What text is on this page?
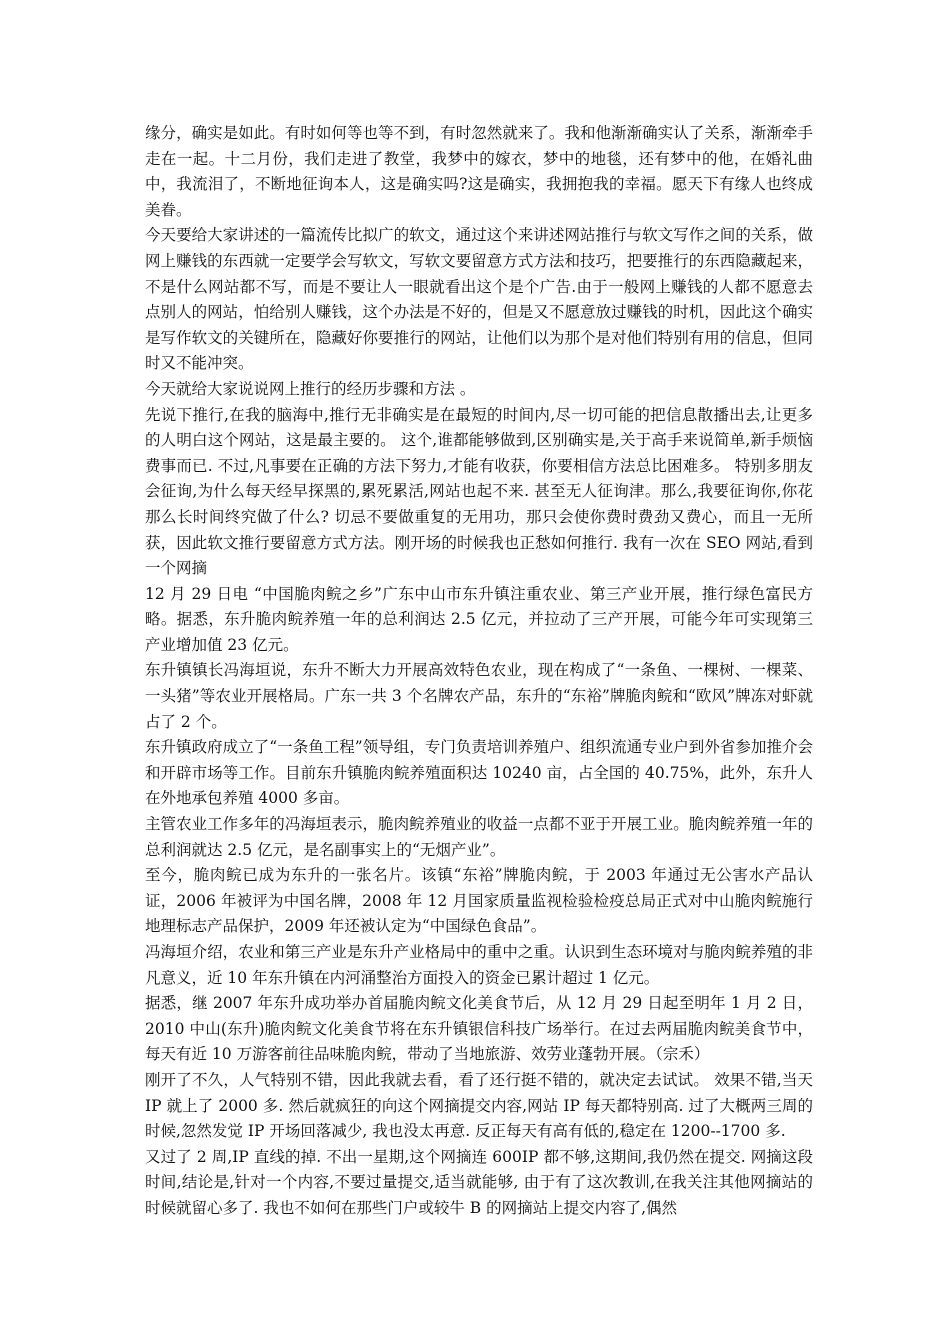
缘分，确实是如此。有时如何等也等不到，有时忽然就来了。我和他渐渐确实认了关系，渐渐牵手走在一起。十二月份，我们走进了教堂，我梦中的嫁衣，梦中的地毯，还有梦中的他，在婚礼曲中，我流泪了，不断地征询本人，这是确实吗?这是确实，我拥抱我的幸福。愿天下有缘人也终成美眷。

今天要给大家讲述的一篇流传比拟广的软文，通过这个来讲述网站推行与软文写作之间的关系，做网上赚钱的东西就一定要学会写软文，写软文要留意方式方法和技巧，把要推行的东西隐藏起来，不是什么网站都不写，而是不要让人一眼就看出这个是个广告.由于一般网上赚钱的人都不愿意去点别人的网站，怕给别人赚钱，这个办法是不好的，但是又不愿意放过赚钱的时机，因此这个确实是写作软文的关键所在，隐藏好你要推行的网站，让他们以为那个是对他们特别有用的信息，但同时又不能冲突。

今天就给大家说说网上推行的经历步骤和方法 。

先说下推行,在我的脑海中,推行无非确实是在最短的时间内,尽一切可能的把信息散播出去,让更多的人明白这个网站，这是最主要的。 这个,谁都能够做到,区别确实是,关于高手来说简单,新手烦恼费事而已. 不过,凡事要在正确的方法下努力,才能有收获，你要相信方法总比困难多。 特别多朋友会征询,为什么每天经早探黑的,累死累活,网站也起不来. 甚至无人征询津。那么,我要征询你,你花那么长时间终究做了什么? 切忌不要做重复的无用功，那只会使你费时费劲又费心，而且一无所获，因此软文推行要留意方式方法。刚开场的时候我也正愁如何推行. 我有一次在 SEO 网站,看到一个网摘

12 月 29 日电 “中国脆肉鲩之乡”广东中山市东升镇注重农业、第三产业开展，推行绿色富民方略。据悉，东升脆肉鲩养殖一年的总利润达 2.5 亿元，并拉动了三产开展，可能今年可实现第三产业增加值 23 亿元。

东升镇镇长冯海垣说，东升不断大力开展高效特色农业，现在构成了“一条鱼、一棵树、一棵菜、一头猪”等农业开展格局。广东一共 3 个名牌农产品，东升的“东裕”牌脆肉鲩和“欧风”牌冻对虾就占了 2 个。

东升镇政府成立了“一条鱼工程”领导组，专门负责培训养殖户、组织流通专业户到外省参加推介会和开辟市场等工作。目前东升镇脆肉鲩养殖面积达 10240 亩，占全国的 40.75%，此外，东升人在外地承包养殖 4000 多亩。

主管农业工作多年的冯海垣表示，脆肉鲩养殖业的收益一点都不亚于开展工业。脆肉鲩养殖一年的总利润就达 2.5 亿元，是名副事实上的“无烟产业”。

至今，脆肉鲩已成为东升的一张名片。该镇“东裕”牌脆肉鲩，于 2003 年通过无公害水产品认证，2006 年被评为中国名牌，2008 年 12 月国家质量监视检验检疫总局正式对中山脆肉鲩施行地理标志产品保护，2009 年还被认定为“中国绿色食品”。

冯海垣介绍，农业和第三产业是东升产业格局中的重中之重。认识到生态环境对与脆肉鲩养殖的非凡意义，近 10 年东升镇在内河涌整治方面投入的资金已累计超过 1 亿元。

据悉，继 2007 年东升成功举办首届脆肉鲩文化美食节后，从 12 月 29 日起至明年 1 月 2 日，2010 中山(东升)脆肉鲩文化美食节将在东升镇银信科技广场举行。在过去两届脆肉鲩美食节中，每天有近 10 万游客前往品味脆肉鲩，带动了当地旅游、效劳业蓬勃开展。（宗禾）

刚开了不久，人气特别不错，因此我就去看，看了还行挺不错的，就决定去试试。 效果不错,当天 IP 就上了 2000 多. 然后就疯狂的向这个网摘提交内容,网站 IP 每天都特别高. 过了大概两三周的时候,忽然发觉 IP 开场回落减少, 我也没太再意. 反正每天有高有低的,稳定在 1200--1700 多.

又过了 2 周,IP 直线的掉. 不出一星期,这个网摘连 600IP 都不够,这期间,我仍然在提交. 网摘这段时间,结论是,针对一个内容,不要过量提交,适当就能够, 由于有了这次教训,在我关注其他网摘站的时候就留心多了. 我也不如何在那些门户或较牛 B 的网摘站上提交内容了,偶然
